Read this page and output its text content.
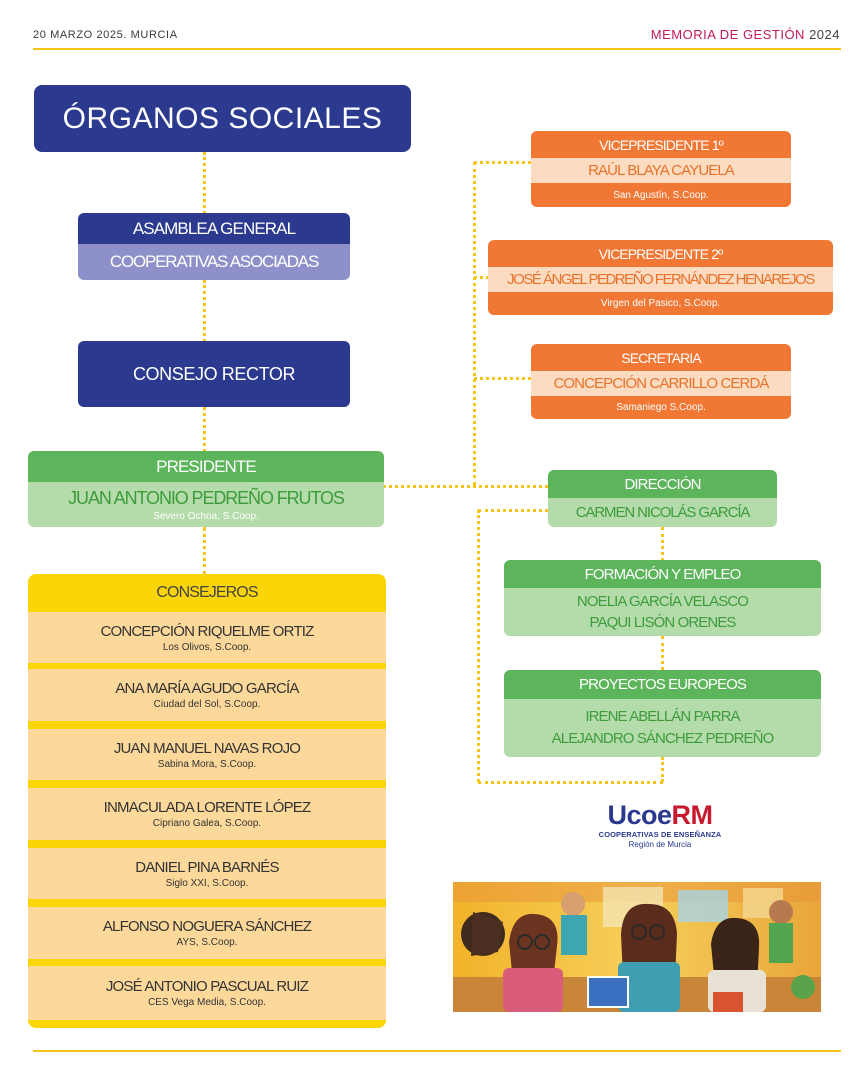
20 MARZO 2025. MURCIA	MEMORIA DE GESTIÓN 2024
ÓRGANOS SOCIALES
ASAMBLEA GENERAL
COOPERATIVAS ASOCIADAS
CONSEJO RECTOR
PRESIDENTE
JUAN ANTONIO PEDREÑO FRUTOS
Severo Ochoa, S.Coop.
VICEPRESIDENTE 1º
RAÚL BLAYA CAYUELA
San Agustín, S.Coop.
VICEPRESIDENTE 2º
JOSÉ ÁNGEL PEDREÑO FERNÁNDEZ HENAREJOS
Virgen del Pasico, S.Coop.
SECRETARIA
CONCEPCIÓN CARRILLO CERDÁ
Samaniego S.Coop.
DIRECCIÓN
CARMEN NICOLÁS GARCÍA
FORMACIÓN Y EMPLEO
NOELIA GARCÍA VELASCO
PAQUI LISÓN ORENES
PROYECTOS EUROPEOS
IRENE ABELLÁN PARRA
ALEJANDRO SÁNCHEZ PEDREÑO
CONSEJEROS
CONCEPCIÓN RIQUELME ORTIZ
Los Olivos, S.Coop.
ANA MARÍA AGUDO GARCÍA
Ciudad del Sol, S.Coop.
JUAN MANUEL NAVAS ROJO
Sabina Mora, S.Coop.
INMACULADA LORENTE LÓPEZ
Cipriano Galea, S.Coop.
DANIEL PINA BARNÉS
Siglo XXI, S.Coop.
ALFONSO NOGUERA SÁNCHEZ
AYS, S.Coop.
JOSÉ ANTONIO PASCUAL RUIZ
CES Vega Media, S.Coop.
UcoeRM
COOPERATIVAS DE ENSEÑANZA
Región de Murcia
